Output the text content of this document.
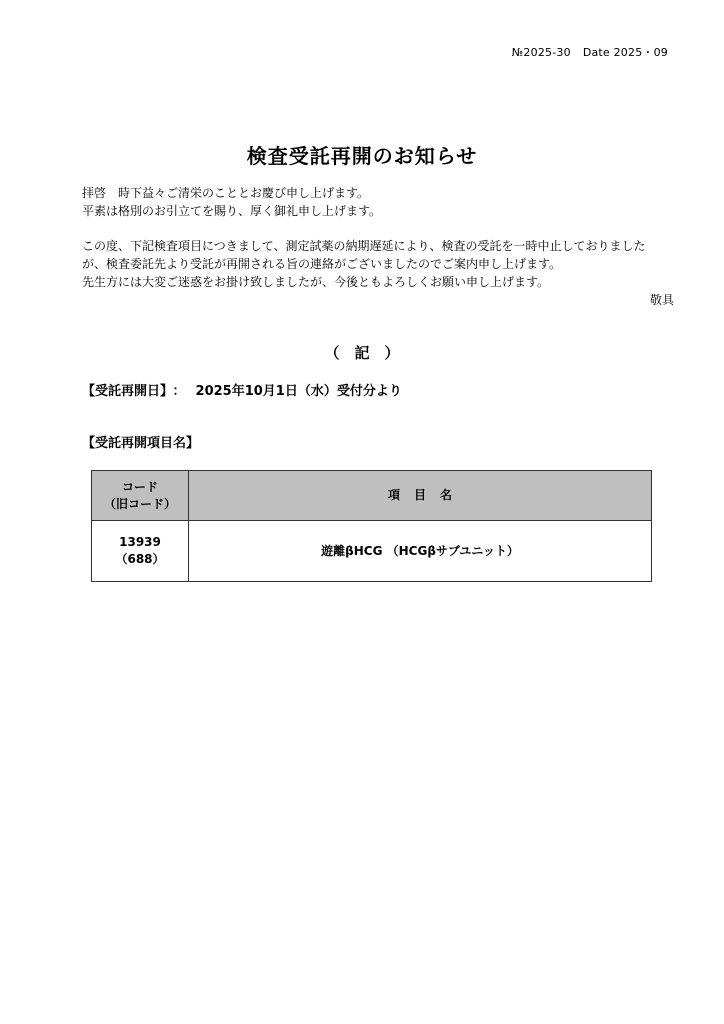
№2025-30 Date 2025・09
検査受託再開のお知らせ
拝啓　時下益々ご清栄のこととお慶び申し上げます。
平素は格別のお引立てを賜り、厚く御礼申し上げます。
この度、下記検査項目につきまして、測定試薬の納期遅延により、検査の受託を一時中止しておりました
が、検査委託先より受託が再開される旨の連絡がございましたのでご案内申し上げます。
先生方には大変ご迷惑をお掛け致しましたが、今後ともよろしくお願い申し上げます。
敬具
（　記　）
【受託再開日】 ： 2025年10月1日（水）受付分より
【受託再開項目名】
コード
（旧コード）	項目名

13939
（688）	遊離βHCG （HCGβサブユニット）
